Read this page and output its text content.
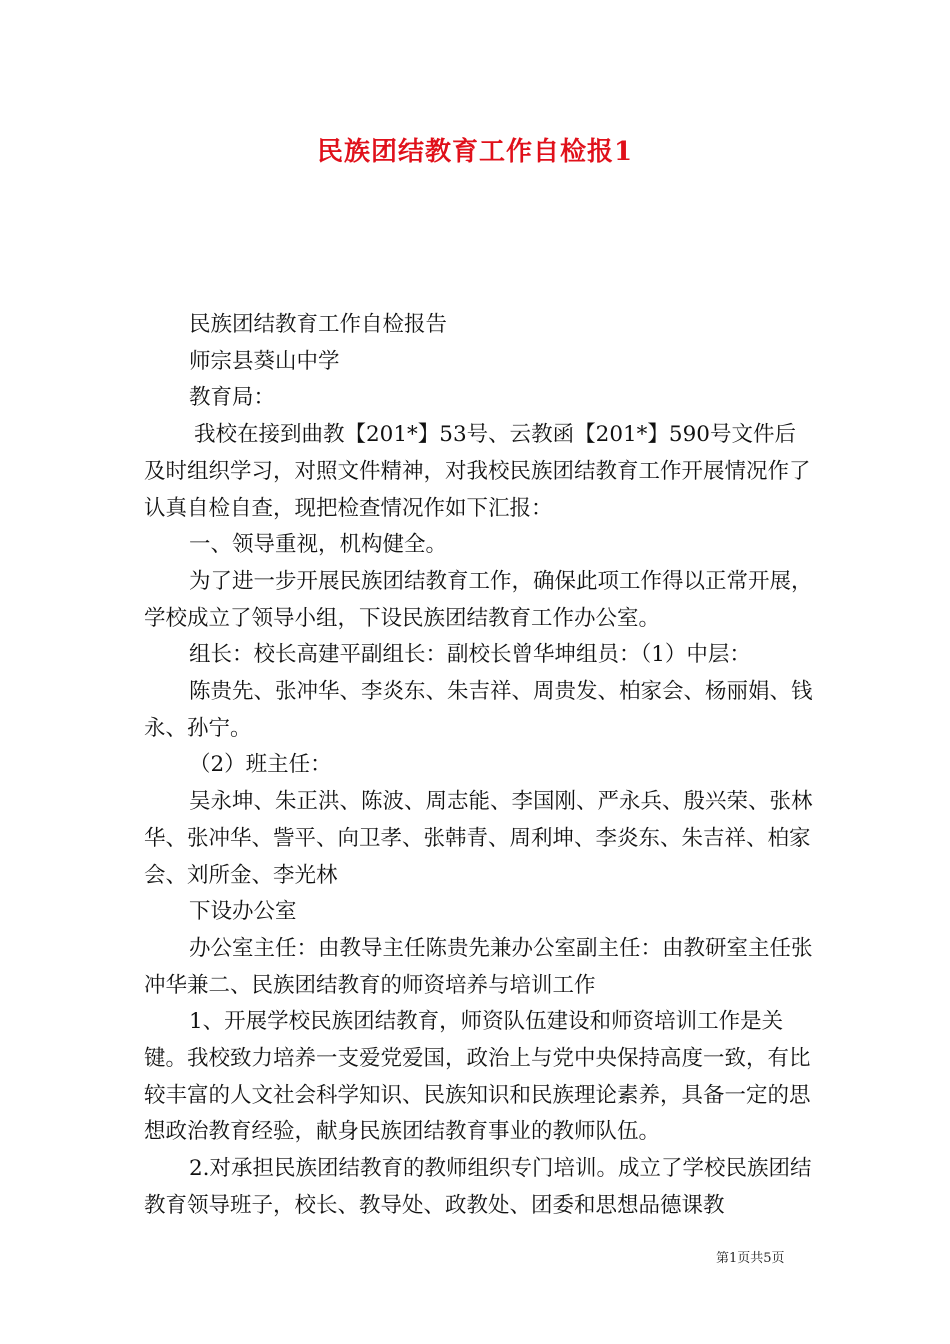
民族团结教育工作自检报1

民族团结教育工作自检报告

师宗县葵山中学

教育局：

我校在接到曲教【201*】53号、云教函【201*】590号文件后及时组织学习，对照文件精神，对我校民族团结教育工作开展情况作了认真自检自查，现把检查情况作如下汇报：

一、领导重视，机构健全。

为了进一步开展民族团结教育工作，确保此项工作得以正常开展，学校成立了领导小组，下设民族团结教育工作办公室。

组长：校长高建平副组长：副校长曾华坤组员：（1）中层：

陈贵先、张冲华、李炎东、朱吉祥、周贵发、柏家会、杨丽娟、钱永、孙宁。

（2）班主任：

吴永坤、朱正洪、陈波、周志能、李国刚、严永兵、殷兴荣、张林华、张冲华、訾平、向卫孝、张韩青、周利坤、李炎东、朱吉祥、柏家会、刘所金、李光林

下设办公室

办公室主任：由教导主任陈贵先兼办公室副主任：由教研室主任张冲华兼二、民族团结教育的师资培养与培训工作

1、开展学校民族团结教育，师资队伍建设和师资培训工作是关键。我校致力培养一支爱党爱国，政治上与党中央保持高度一致，有比较丰富的人文社会科学知识、民族知识和民族理论素养，具备一定的思想政治教育经验，献身民族团结教育事业的教师队伍。

2.对承担民族团结教育的教师组织专门培训。成立了学校民族团结教育领导班子，校长、教导处、政教处、团委和思想品德课教

第1页共5页
